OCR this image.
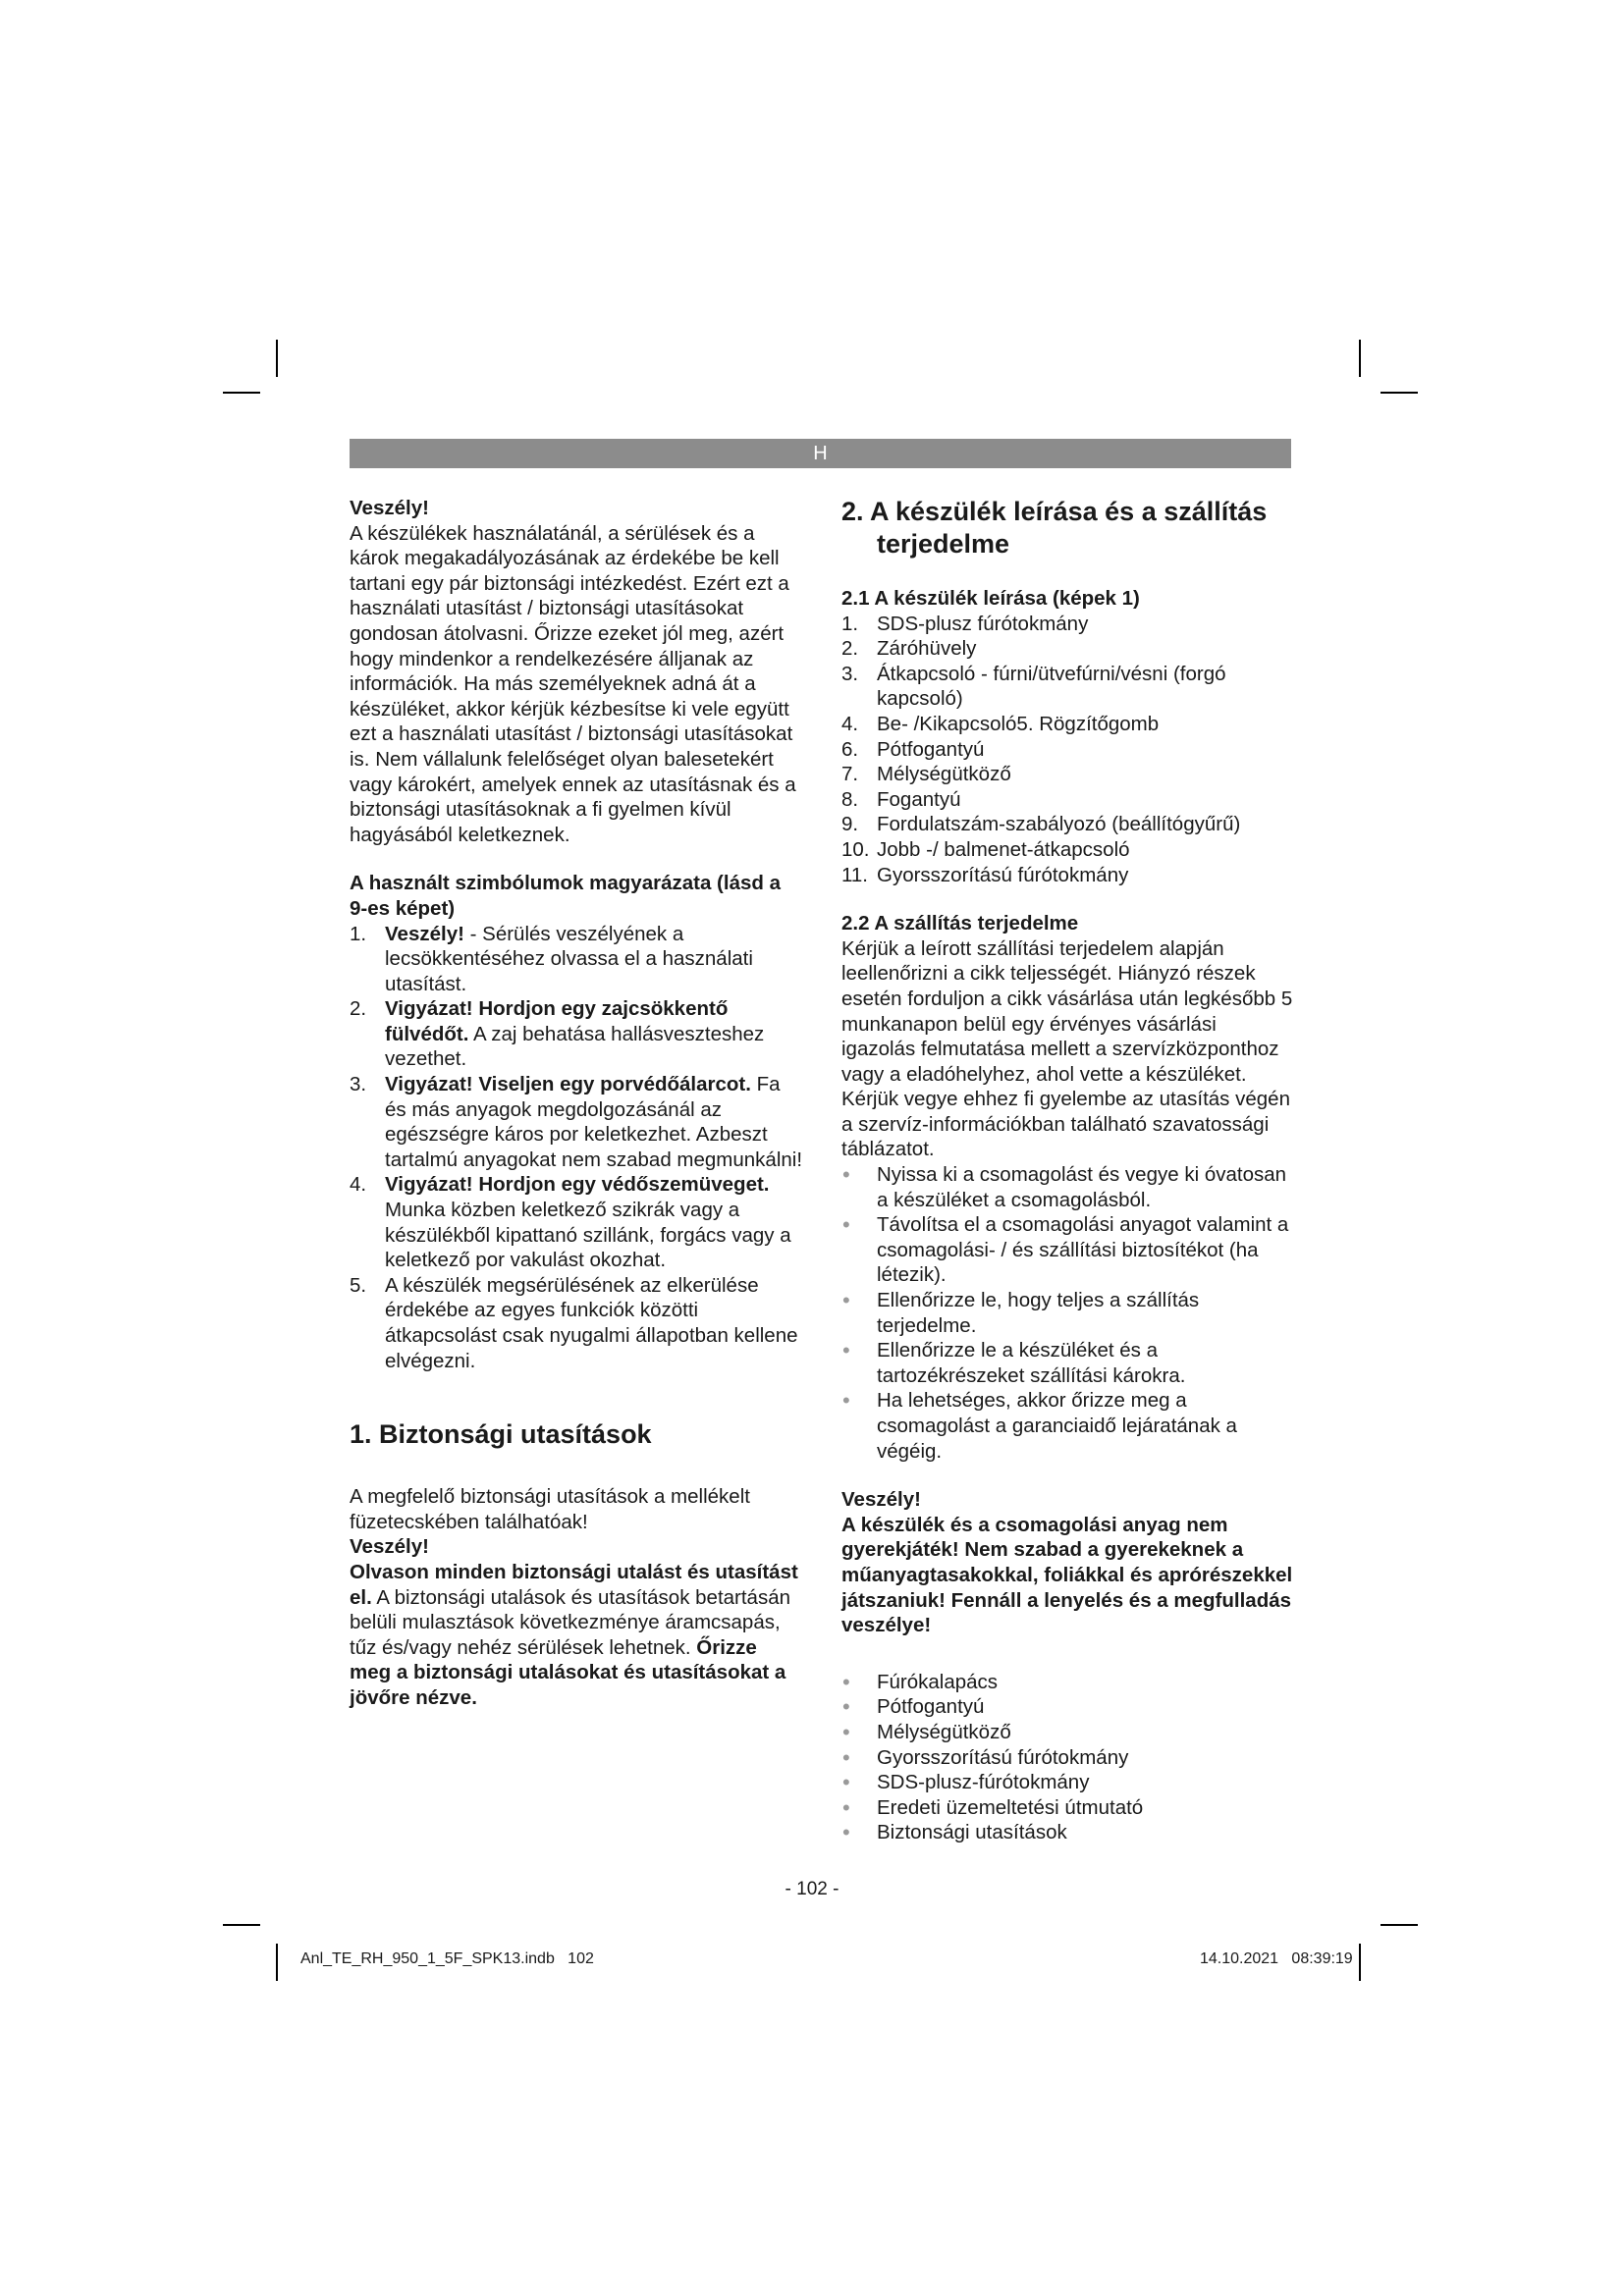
H

Veszély!

A készülékek használatánál, a sérülések és a károk megakadályozásának az érdekébe be kell tartani egy pár biztonsági intézkedést. Ezért ezt a használati utasítást / biztonsági utasításokat gondosan átolvasni. Őrizze ezeket jól meg, azért hogy mindenkor a rendelkezésére álljanak az információk. Ha más személyeknek adná át a készüléket, akkor kérjük kézbesítse ki vele együtt ezt a használati utasítást / biztonsági utasításokat is. Nem vállalunk felelőséget olyan balesetekért vagy károkért, amelyek ennek az utasításnak és a biztonsági utasításoknak a fi gyelmen kívül hagyásából keletkeznek.

A használt szimbólumok magyarázata (lásd a 9-es képet)

1. Veszély! - Sérülés veszélyének a lecsökkentéséhez olvassa el a használati utasítást.
2. Vigyázat! Hordjon egy zajcsökkentő fülvédőt. A zaj behatása hallásveszteshez vezethet.
3. Vigyázat! Viseljen egy porvédőálarcot. Fa és más anyagok megdolgozásánál az egészségre káros por keletkezhet. Azbeszt tartalmú anyagokat nem szabad megmunkálni!
4. Vigyázat! Hordjon egy védőszemüveget. Munka közben keletkező szikrák vagy a készülékből kipattanó szillánk, forgács vagy a keletkező por vakulást okozhat.
5. A készülék megsérülésének az elkerülése érdekébe az egyes funkciók közötti átkapcsolást csak nyugalmi állapotban kellene elvégezni.

1. Biztonsági utasítások

A megfelelő biztonsági utasítások a mellékelt füzetecskében találhatóak!

Veszély!

Olvason minden biztonsági utalást és utasítást el. A biztonsági utalások és utasítások betartásán belüli mulasztások következménye áramcsapás, tűz és/vagy nehéz sérülések lehetnek. Őrizze meg a biztonsági utalásokat és utasításokat a jövőre nézve.

2. A készülék leírása és a szállítás terjedelme

2.1 A készülék leírása (képek 1)

1. SDS-plusz fúrótokmány
2. Záróhüvely
3. Átkapcsoló - fúrni/ütvefúrni/vésni (forgó kapcsoló)
4. Be- /Kikapcsoló5. Rögzítőgomb
6. Pótfogantyú
7. Mélységütköző
8. Fogantyú
9. Fordulatszám-szabályozó (beállítógyűrű)
10. Jobb -/ balmenet-átkapcsoló
11. Gyorsszorítású fúrótokmány

2.2 A szállítás terjedelme

Kérjük a leírott szállítási terjedelem alapján leellenőrizni a cikk teljességét. Hiányzó részek esetén forduljon a cikk vásárlása után legkésőbb 5 munkanapon belül egy érvényes vásárlási igazolás felmutatása mellett a szervízközponthoz vagy a eladóhelyhez, ahol vette a készüléket. Kérjük vegye ehhez fi gyelembe az utasítás végén a szervíz-információkban található szavatossági táblázatot.

• Nyissa ki a csomagolást és vegye ki óvatosan a készüléket a csomagolásból.
• Távolítsa el a csomagolási anyagot valamint a csomagolási- / és szállítási biztosítékot (ha létezik).
• Ellenőrizze le, hogy teljes a szállítás terjedelme.
• Ellenőrizze le a készüléket és a tartozékrészeket szállítási károkra.
• Ha lehetséges, akkor őrizze meg a csomagolást a garanciaidő lejáratának a végéig.

Veszély!

A készülék és a csomagolási anyag nem gyerekjáték! Nem szabad a gyerekeknek a műanyagtasakokkal, foliákkal és aprórészekkel játszaniuk! Fennáll a lenyelés és a megfulladás veszélye!

• Fúrókalapács
• Pótfogantyú
• Mélységütköző
• Gyorsszorítású fúrótokmány
• SDS-plusz-fúrótokmány
• Eredeti üzemeltetési útmutató
• Biztonsági utasítások
- 102 -
Anl_TE_RH_950_1_5F_SPK13.indb   102	14.10.2021 08:39:19
